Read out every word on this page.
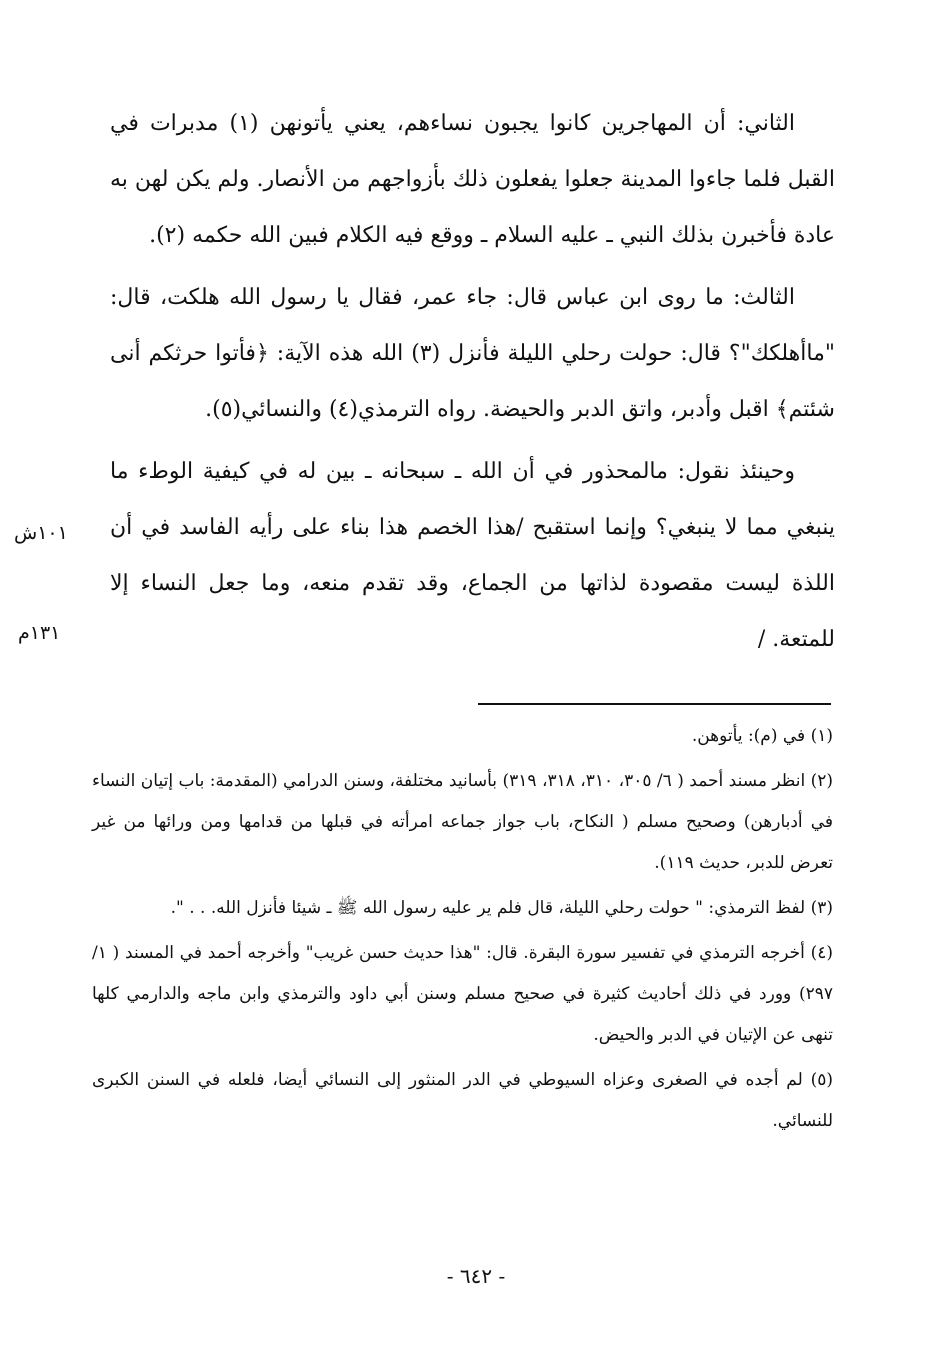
الثاني: أن المهاجرين كانوا يجبون نساءهم، يعني يأتونهن (١) مدبرات في القبل فلما جاءوا المدينة جعلوا يفعلون ذلك بأزواجهم من الأنصار. ولم يكن لهن به عادة فأخبرن بذلك النبي ـ عليه السلام ـ ووقع فيه الكلام فبين الله حكمه (٢).

الثالث: ما روى ابن عباس قال: جاء عمر، فقال يا رسول الله هلكت، قال: "ماأهلكك"؟ قال: حولت رحلي الليلة فأنزل (٣) الله هذه الآية: ﴿فأتوا حرثكم أنى شئتم﴾ اقبل وأدبر، واتق الدبر والحيضة. رواه الترمذي(٤) والنسائي(٥).

وحينئذ نقول: مالمحذور في أن الله ـ سبحانه ـ بين له في كيفية الوطء ما ينبغي مما لا ينبغي؟ وإنما استقبح /هذا الخصم هذا بناء على رأيه الفاسد في أن اللذة ليست مقصودة لذاتها من الجماع، وقد تقدم منعه، وما جعل النساء إلا للمتعة. /

١٠١ش
١٣١م

(١) في (م): يأتوهن.

(٢) انظر مسند أحمد ( ٦/ ٣٠٥، ٣١٠، ٣١٨، ٣١٩) بأسانيد مختلفة، وسنن الدرامي (المقدمة: باب إتيان النساء في أدبارهن) وصحيح مسلم ( النكاح، باب جواز جماعه امرأته في قبلها من قدامها ومن ورائها من غير تعرض للدبر، حديث ١١٩).

(٣) لفظ الترمذي: " حولت رحلي الليلة، قال فلم ير عليه رسول الله ﷺ ـ شيئا فأنزل الله. . . ".

(٤) أخرجه الترمذي في تفسير سورة البقرة. قال: "هذا حديث حسن غريب" وأخرجه أحمد في المسند ( ١/ ٢٩٧) وورد في ذلك أحاديث كثيرة في صحيح مسلم وسنن أبي داود والترمذي وابن ماجه والدارمي كلها تنهى عن الإتيان في الدبر والحيض.

(٥) لم أجده في الصغرى وعزاه السيوطي في الدر المنثور إلى النسائي أيضا، فلعله في السنن الكبرى للنسائي.

- ٦٤٢ -
